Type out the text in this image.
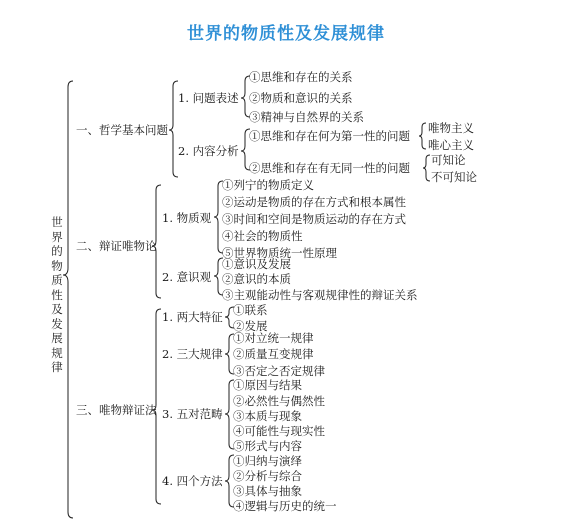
世界的物质性及发展规律
世
界
的
物
质
性
及
发
展
规
律
一、哲学基本问题
二、辩证唯物论
三、唯物辩证法
1. 问题表述
2. 内容分析
①思维和存在的关系
②物质和意识的关系
③精神与自然界的关系
①思维和存在何为第一性的问题
②思维和存在有无同一性的问题
唯物主义
唯心主义
可知论
不可知论
1. 物质观
2. 意识观
①列宁的物质定义
②运动是物质的存在方式和根本属性
③时间和空间是物质运动的存在方式
④社会的物质性
⑤世界物质统一性原理
①意识及发展
②意识的本质
③主观能动性与客观规律性的辩证关系
1. 两大特征
2. 三大规律
3. 五对范畴
4. 四个方法
①联系
②发展
①对立统一规律
②质量互变规律
③否定之否定规律
①原因与结果
②必然性与偶然性
③本质与现象
④可能性与现实性
⑤形式与内容
①归纳与演绎
②分析与综合
③具体与抽象
④逻辑与历史的统一
